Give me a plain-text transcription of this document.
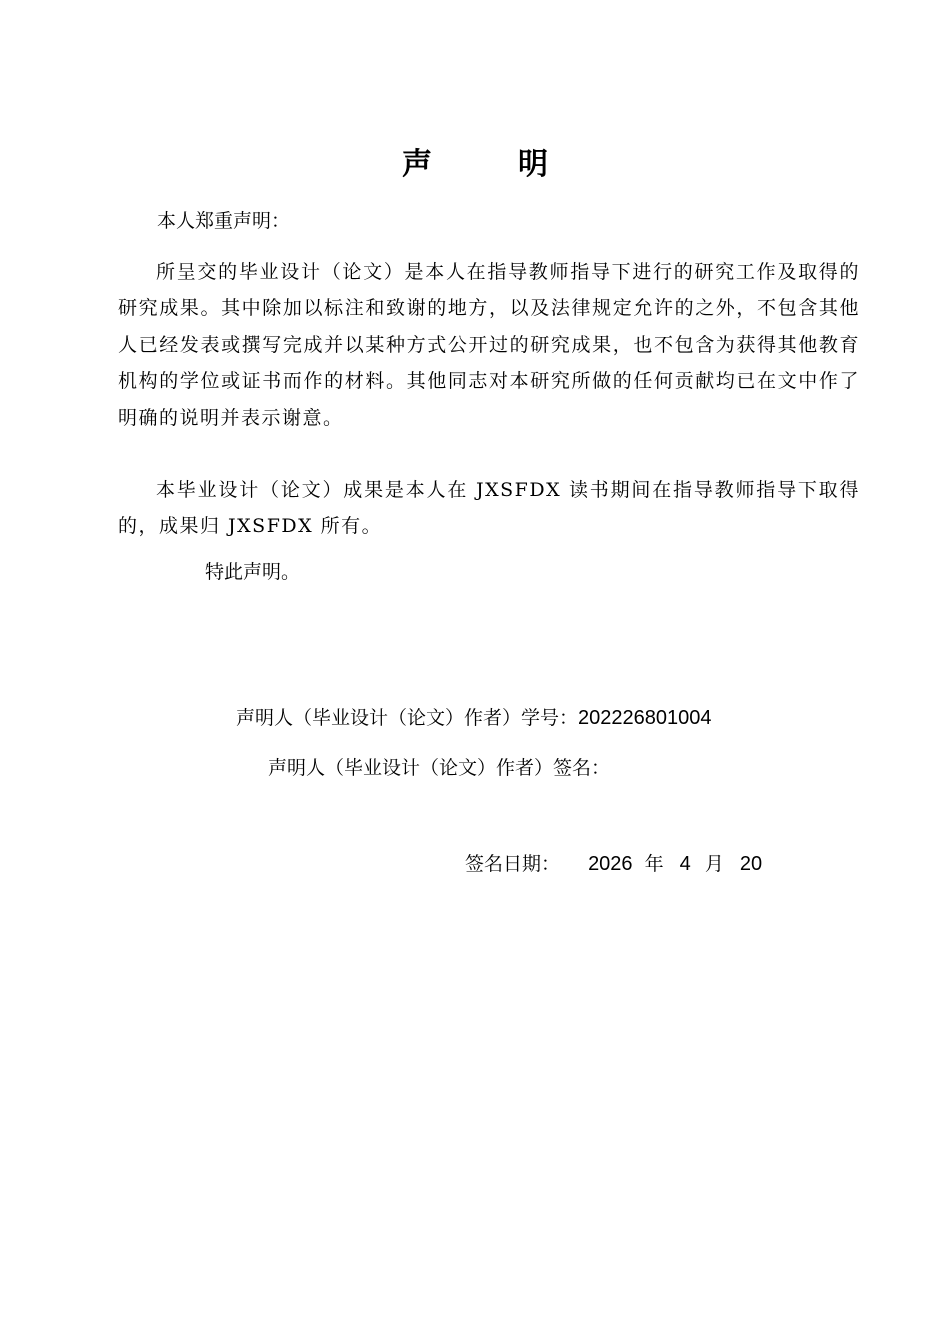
声	明
本人郑重声明：
所呈交的毕业设计（论文）是本人在指导教师指导下进行的研究工作及取得的研究成果。其中除加以标注和致谢的地方，以及法律规定允许的之外，不包含其他人已经发表或撰写完成并以某种方式公开过的研究成果，也不包含为获得其他教育机构的学位或证书而作的材料。其他同志对本研究所做的任何贡献均已在文中作了明确的说明并表示谢意。
本毕业设计（论文）成果是本人在 JXSFDX 读书期间在指导教师指导下取得的，成果归 JXSFDX 所有。
特此声明。
声明人（毕业设计（论文）作者）学号：202226801004
声明人（毕业设计（论文）作者）签名：
签名日期： 2026 年 4 月 20
